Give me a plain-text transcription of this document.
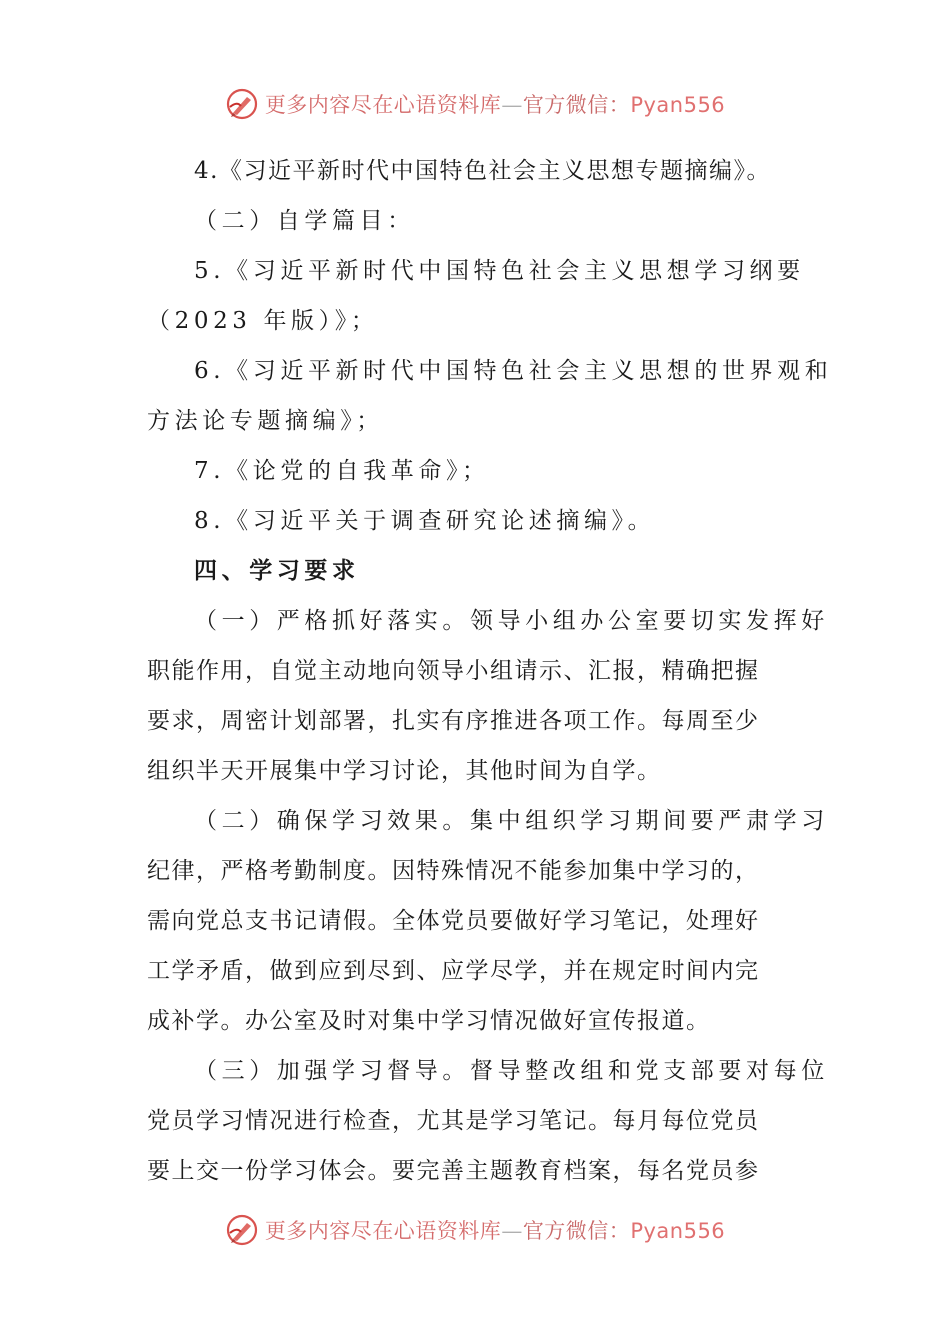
更多内容尽在心语资料库—官方微信：Pyan556
4.《习近平新时代中国特色社会主义思想专题摘编》。
（二）自学篇目：
5.《习近平新时代中国特色社会主义思想学习纲要
（2023 年版）》；
6.《习近平新时代中国特色社会主义思想的世界观和
方法论专题摘编》；
7.《论党的自我革命》；
8.《习近平关于调查研究论述摘编》。
四、学习要求
（一）严格抓好落实。领导小组办公室要切实发挥好
职能作用，自觉主动地向领导小组请示、汇报，精确把握
要求，周密计划部署，扎实有序推进各项工作。每周至少
组织半天开展集中学习讨论，其他时间为自学。
（二）确保学习效果。集中组织学习期间要严肃学习
纪律，严格考勤制度。因特殊情况不能参加集中学习的，
需向党总支书记请假。全体党员要做好学习笔记，处理好
工学矛盾，做到应到尽到、应学尽学，并在规定时间内完
成补学。办公室及时对集中学习情况做好宣传报道。
（三）加强学习督导。督导整改组和党支部要对每位
党员学习情况进行检查，尤其是学习笔记。每月每位党员
要上交一份学习体会。要完善主题教育档案，每名党员参
更多内容尽在心语资料库—官方微信：Pyan556
